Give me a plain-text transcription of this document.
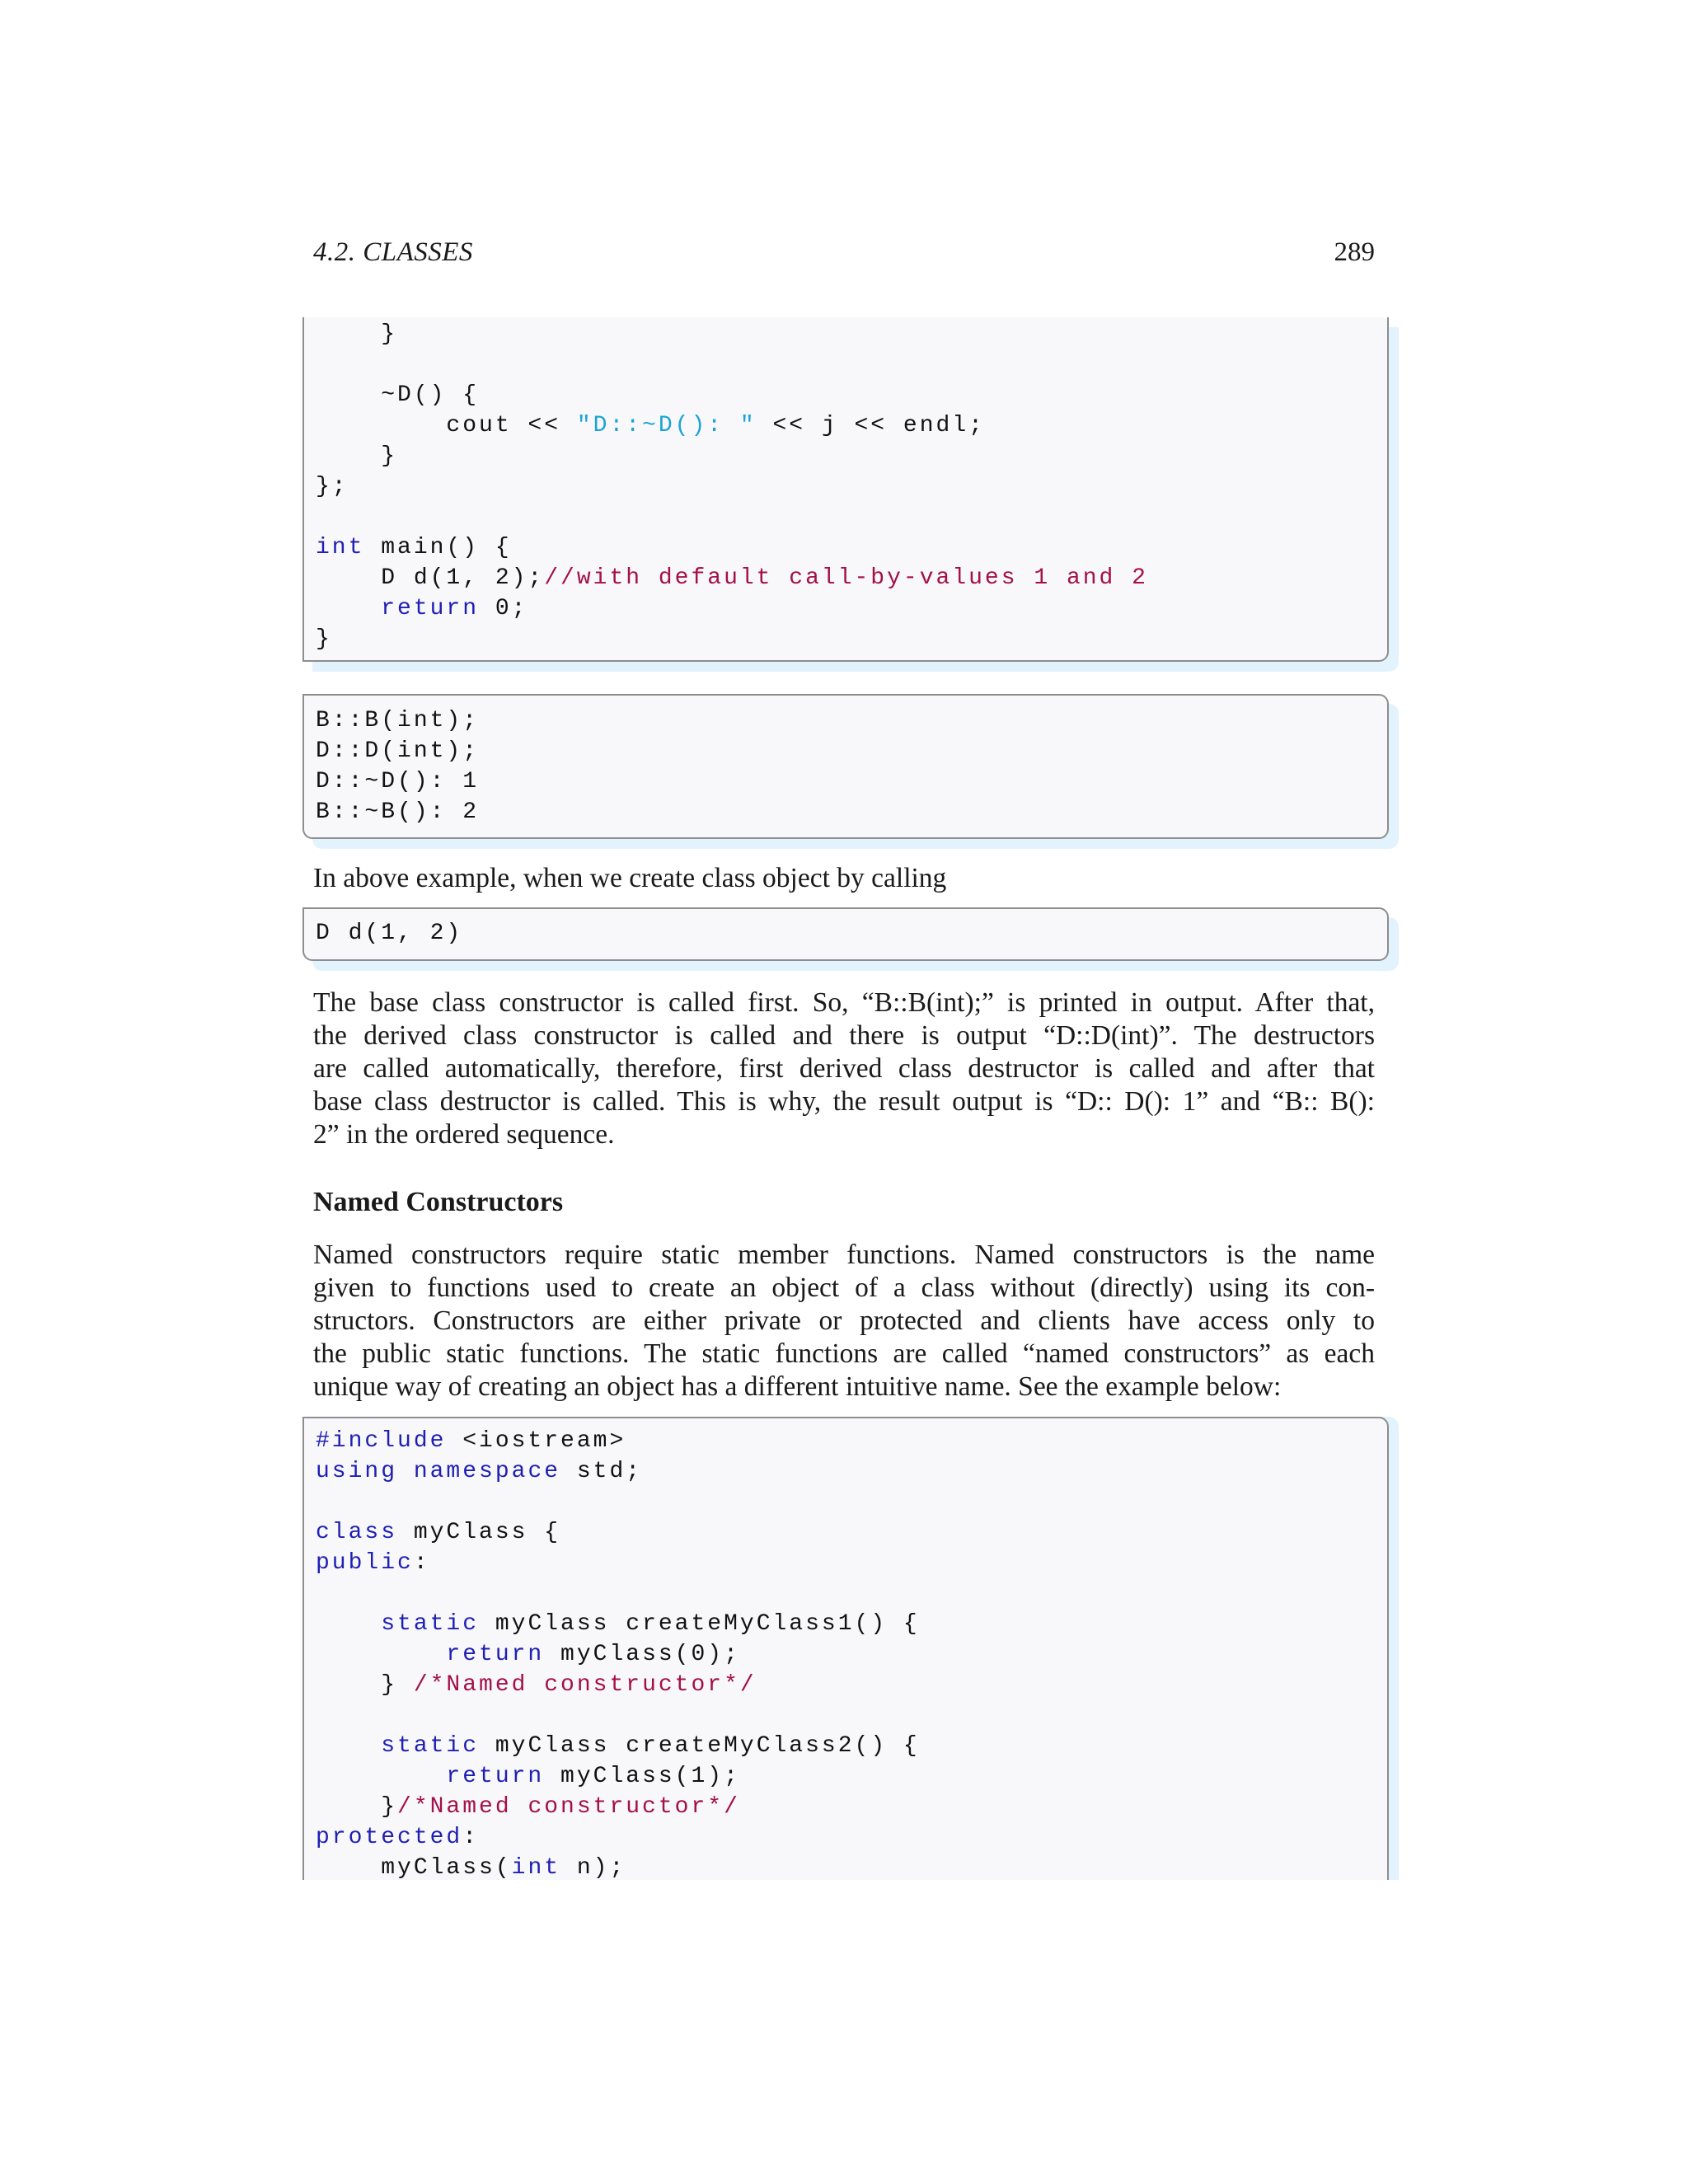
4.2. CLASSES	289
}
~D() {
cout << "D::~D(): " << j << endl;
}
};
int main() {
D d(1, 2);//with default call-by-values 1 and 2
return 0;
}
B::B(int);
D::D(int);
D::~D(): 1
B::~B(): 2
In above example, when we create class object by calling
D d(1, 2)
The base class constructor is called first. So, “B::B(int);” is printed in output. After that,
the derived class constructor is called and there is output “D::D(int)”. The destructors
are called automatically, therefore, first derived class destructor is called and after that
base class destructor is called. This is why, the result output is “D:: D(): 1” and “B:: B():
2” in the ordered sequence.
Named Constructors
Named constructors require static member functions. Named constructors is the name
given to functions used to create an object of a class without (directly) using its con-
structors. Constructors are either private or protected and clients have access only to
the public static functions. The static functions are called “named constructors” as each
unique way of creating an object has a different intuitive name. See the example below:
#include <iostream>
using namespace std;
class myClass {
public:
static myClass createMyClass1() {
return myClass(0);
} /*Named constructor*/
static myClass createMyClass2() {
return myClass(1);
}/*Named constructor*/
protected:
myClass(int n);
